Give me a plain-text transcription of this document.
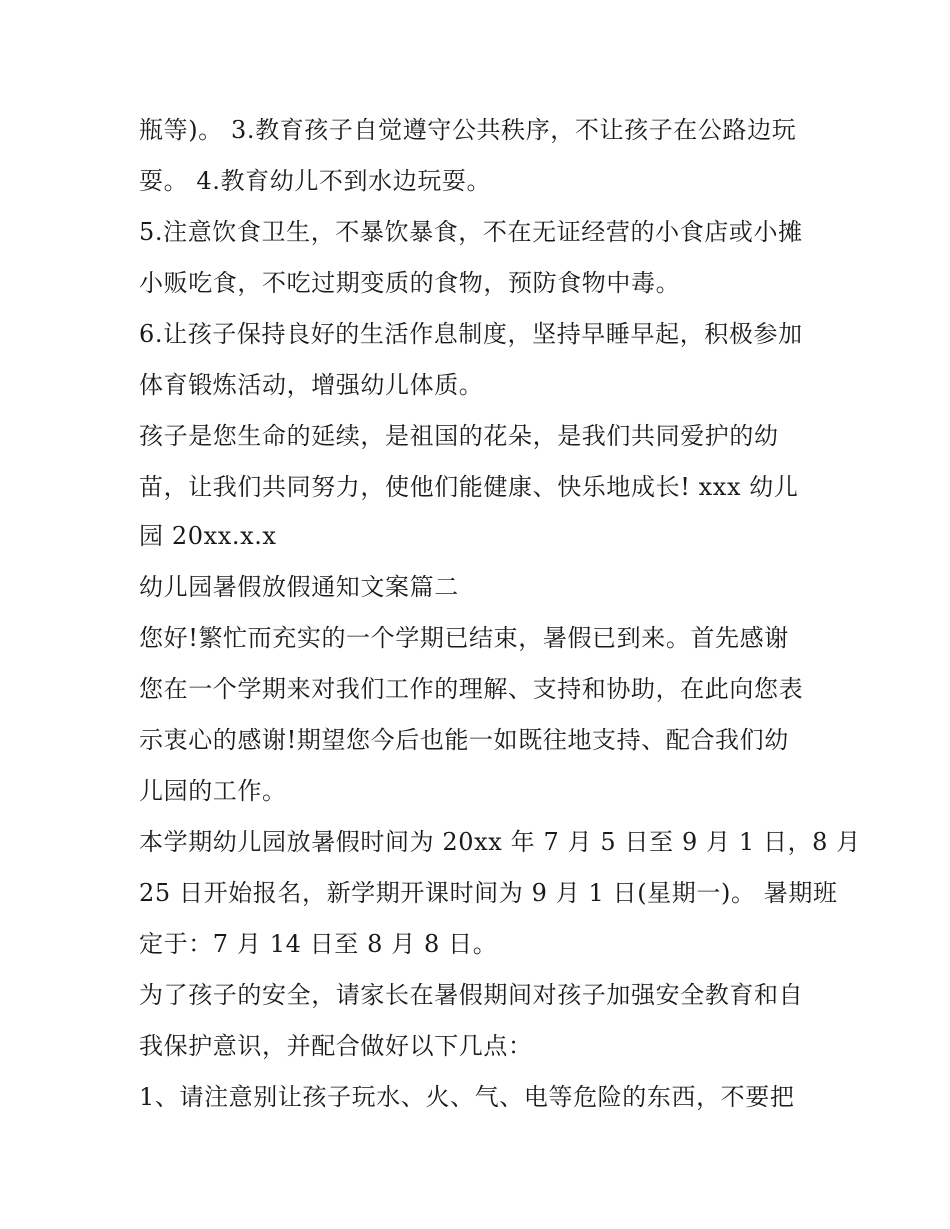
瓶等)。 3.教育孩子自觉遵守公共秩序，不让孩子在公路边玩
耍。 4.教育幼儿不到水边玩耍。
5.注意饮食卫生，不暴饮暴食，不在无证经营的小食店或小摊
小贩吃食，不吃过期变质的食物，预防食物中毒。
6.让孩子保持良好的生活作息制度，坚持早睡早起，积极参加
体育锻炼活动，增强幼儿体质。
孩子是您生命的延续，是祖国的花朵，是我们共同爱护的幼
苗，让我们共同努力，使他们能健康、快乐地成长! xxx 幼儿
园 20xx.x.x
幼儿园暑假放假通知文案篇二
您好!繁忙而充实的一个学期已结束，暑假已到来。首先感谢
您在一个学期来对我们工作的理解、支持和协助，在此向您表
示衷心的感谢!期望您今后也能一如既往地支持、配合我们幼
儿园的工作。
本学期幼儿园放暑假时间为 20xx 年 7 月 5 日至 9 月 1 日，8 月
25 日开始报名，新学期开课时间为 9 月 1 日(星期一)。 暑期班
定于：7 月 14 日至 8 月 8 日。
为了孩子的安全，请家长在暑假期间对孩子加强安全教育和自
我保护意识，并配合做好以下几点：
1、请注意别让孩子玩水、火、气、电等危险的东西，不要把
